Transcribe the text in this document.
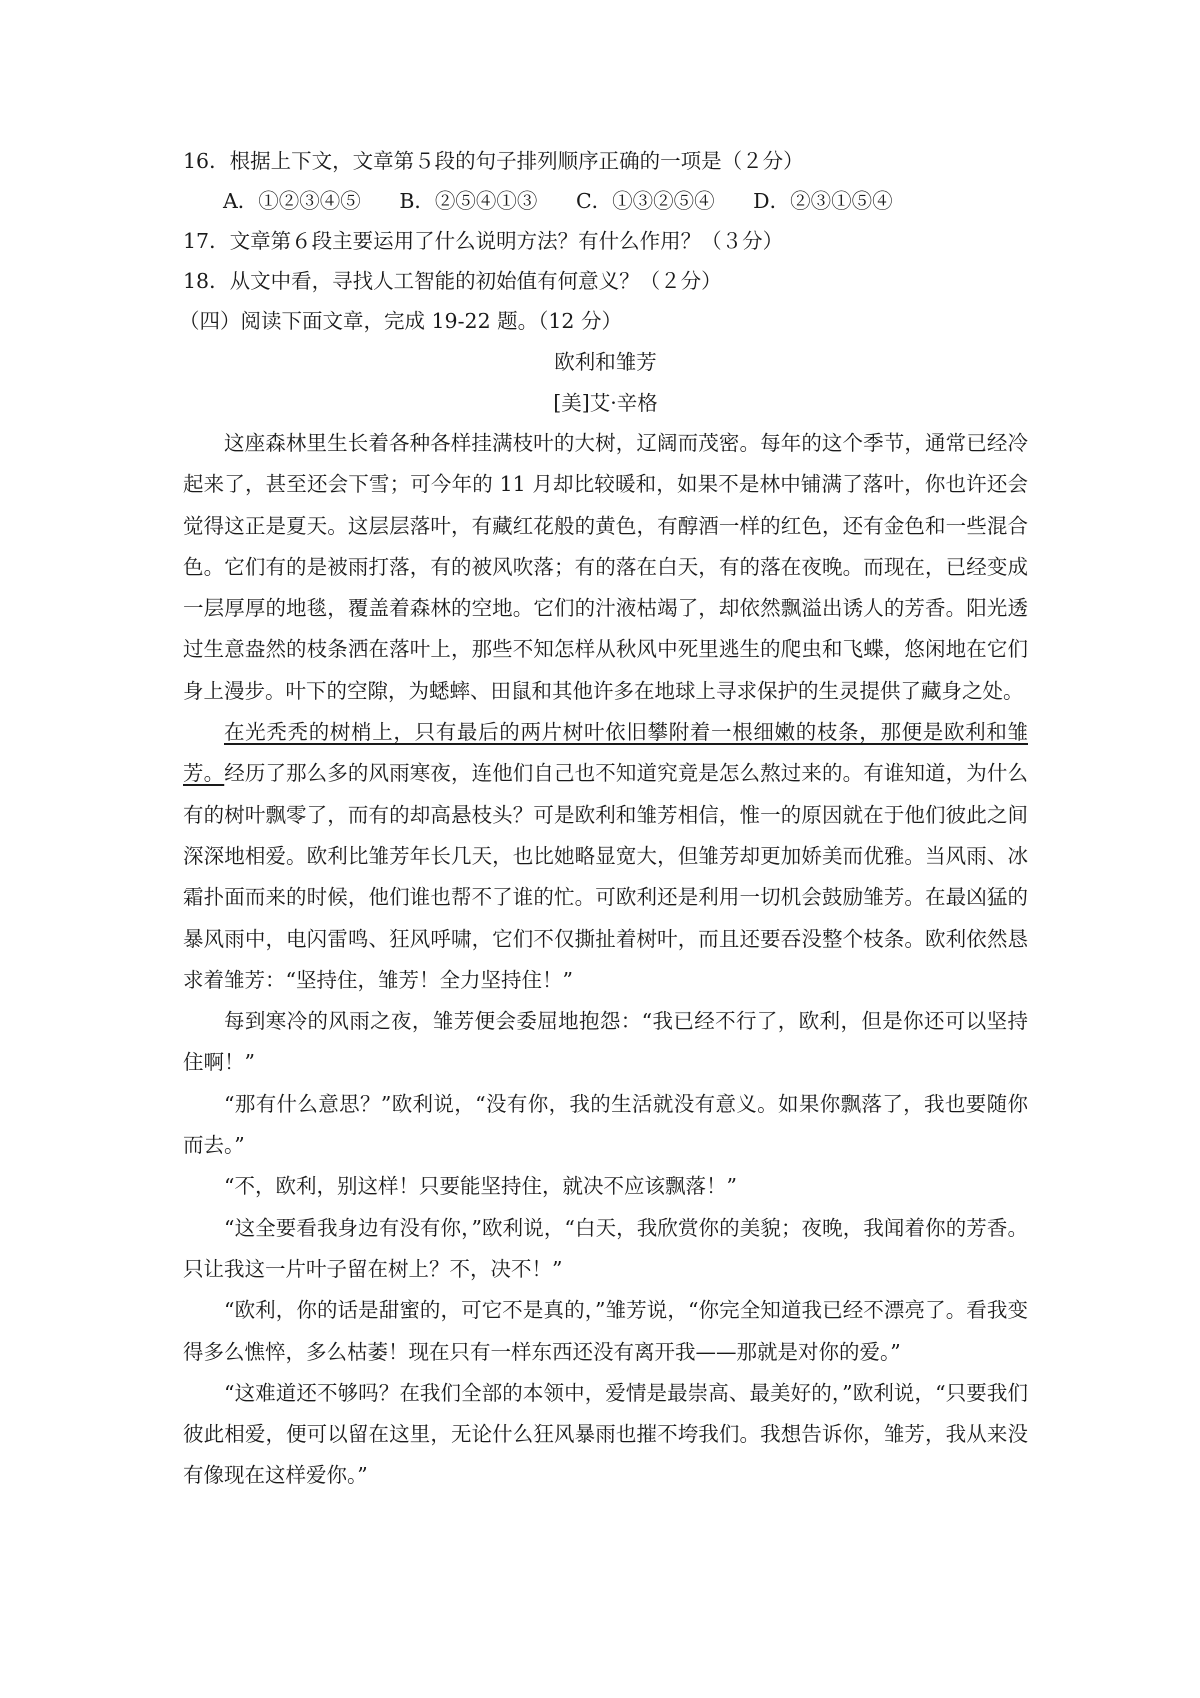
16．根据上下文，文章第５段的句子排列顺序正确的一项是（２分）
A．①②③④⑤ B．②⑤④①③ C．①③②⑤④ D．②③①⑤④
17．文章第６段主要运用了什么说明方法？有什么作用？（３分）
18．从文中看，寻找人工智能的初始值有何意义？（２分）
（四）阅读下面文章，完成 19-22 题。（12 分）
欧利和雏芳
[美]艾·辛格

这座森林里生长着各种各样挂满枝叶的大树，辽阔而茂密。每年的这个季节，通常已经冷起来了，甚至还会下雪；可今年的 11 月却比较暖和，如果不是林中铺满了落叶，你也许还会觉得这正是夏天。这层层落叶，有藏红花般的黄色，有醇酒一样的红色，还有金色和一些混合色。它们有的是被雨打落，有的被风吹落；有的落在白天，有的落在夜晚。而现在，已经变成一层厚厚的地毯，覆盖着森林的空地。它们的汁液枯竭了，却依然飘溢出诱人的芳香。阳光透过生意盎然的枝条洒在落叶上，那些不知怎样从秋风中死里逃生的爬虫和飞蝶，悠闲地在它们身上漫步。叶下的空隙，为蟋蟀、田鼠和其他许多在地球上寻求保护的生灵提供了藏身之处。

在光秃秃的树梢上，只有最后的两片树叶依旧攀附着一根细嫩的枝条，那便是欧利和雏芳。经历了那么多的风雨寒夜，连他们自己也不知道究竟是怎么熬过来的。有谁知道，为什么有的树叶飘零了，而有的却高悬枝头？可是欧利和雏芳相信，惟一的原因就在于他们彼此之间深深地相爱。欧利比雏芳年长几天，也比她略显宽大，但雏芳却更加娇美而优雅。当风雨、冰霜扑面而来的时候，他们谁也帮不了谁的忙。可欧利还是利用一切机会鼓励雏芳。在最凶猛的暴风雨中，电闪雷鸣、狂风呼啸，它们不仅撕扯着树叶，而且还要吞没整个枝条。欧利依然恳求着雏芳：“坚持住，雏芳！全力坚持住！”

每到寒冷的风雨之夜，雏芳便会委屈地抱怨：“我已经不行了，欧利，但是你还可以坚持住啊！”

“那有什么意思？”欧利说，“没有你，我的生活就没有意义。如果你飘落了，我也要随你而去。”

“不，欧利，别这样！只要能坚持住，就决不应该飘落！”

“这全要看我身边有没有你，”欧利说，“白天，我欣赏你的美貌；夜晚，我闻着你的芳香。只让我这一片叶子留在树上？不，决不！”

“欧利，你的话是甜蜜的，可它不是真的，”雏芳说，“你完全知道我已经不漂亮了。看我变得多么憔悴，多么枯萎！现在只有一样东西还没有离开我——那就是对你的爱。”

“这难道还不够吗？在我们全部的本领中，爱情是最崇高、最美好的，”欧利说，“只要我们彼此相爱，便可以留在这里，无论什么狂风暴雨也摧不垮我们。我想告诉你，雏芳，我从来没有像现在这样爱你。”
